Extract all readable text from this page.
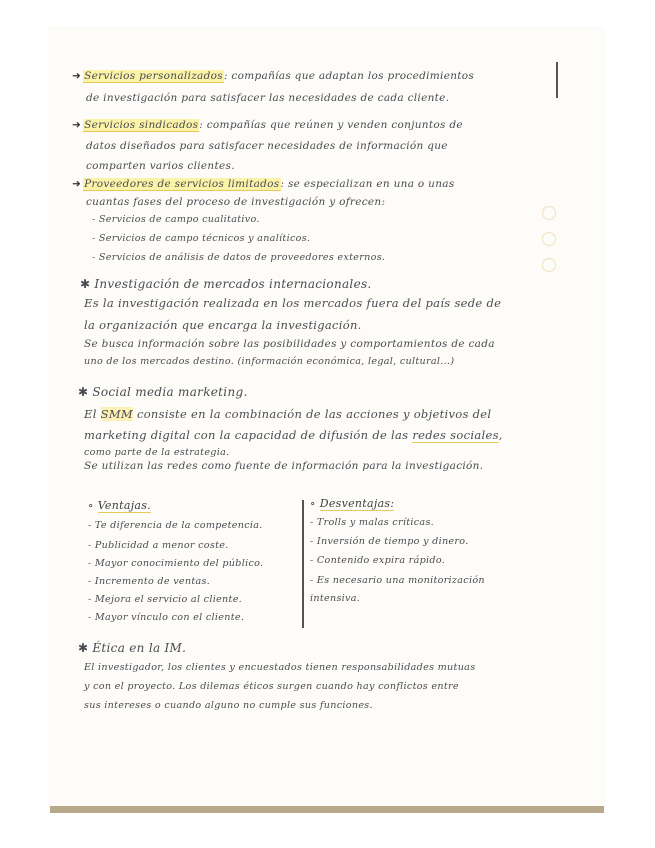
➜ Servicios personalizados: compañías que adaptan los procedimientos
de investigación para satisfacer las necesidades de cada cliente.
➜ Servicios sindicados: compañías que reúnen y venden conjuntos de
datos diseñados para satisfacer necesidades de información que
comparten varios clientes.
➜ Proveedores de servicios limitados: se especializan en una o unas
cuantas fases del proceso de investigación y ofrecen:
- Servicios de campo cualitativo.
- Servicios de campo técnicos y analíticos.
- Servicios de análisis de datos de proveedores externos.
✱ Investigación de mercados internacionales.
Es la investigación realizada en los mercados fuera del país sede de
la organización que encarga la investigación.
Se busca información sobre las posibilidades y comportamientos de cada
uno de los mercados destino. (información económica, legal, cultural...)
✱ Social media marketing.
El SMM consiste en la combinación de las acciones y objetivos del
marketing digital con la capacidad de difusión de las redes sociales,
como parte de la estrategia.
Se utilizan las redes como fuente de información para la investigación.
∘ Ventajas.
- Te diferencia de la competencia.
- Publicidad a menor coste.
- Mayor conocimiento del público.
- Incremento de ventas.
- Mejora el servicio al cliente.
- Mayor vínculo con el cliente.
∘ Desventajas:
- Trolls y malas críticas.
- Inversión de tiempo y dinero.
- Contenido expira rápido.
- Es necesario una monitorización
intensiva.
✱ Ética en la IM.
El investigador, los clientes y encuestados tienen responsabilidades mutuas
y con el proyecto. Los dilemas éticos surgen cuando hay conflictos entre
sus intereses o cuando alguno no cumple sus funciones.
